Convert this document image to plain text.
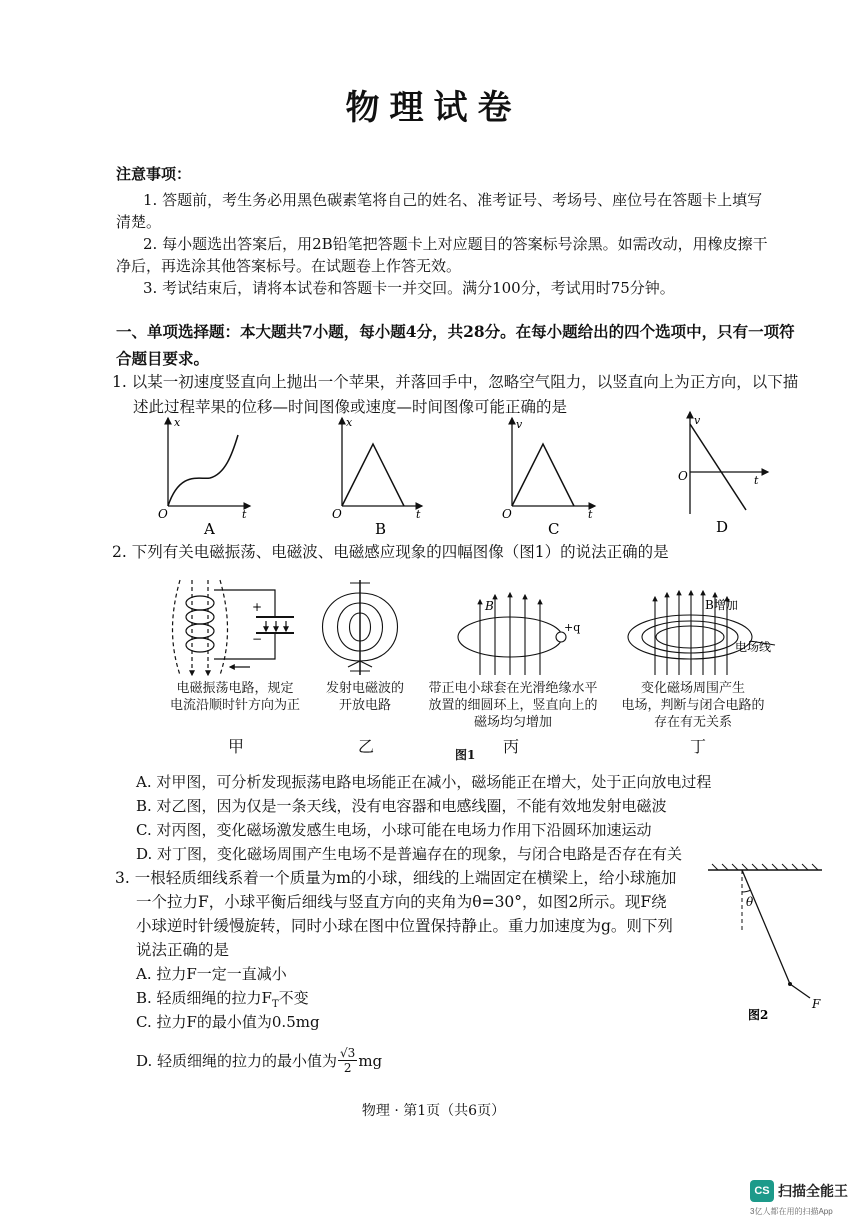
物理试卷
注意事项：
1. 答题前，考生务必用黑色碳素笔将自己的姓名、准考证号、考场号、座位号在答题卡上填写
清楚。
2. 每小题选出答案后，用2B铅笔把答题卡上对应题目的答案标号涂黑。如需改动，用橡皮擦干
净后，再选涂其他答案标号。在试题卷上作答无效。
3. 考试结束后，请将本试卷和答题卡一并交回。满分100分，考试用时75分钟。
一、单项选择题：本大题共7小题，每小题4分，共28分。在每小题给出的四个选项中，只有一项符
合题目要求。
1. 以某一初速度竖直向上抛出一个苹果，并落回手中，忽略空气阻力，以竖直向上为正方向，以下描
述此过程苹果的位移—时间图像或速度—时间图像可能正确的是
x
t
O
A
x
t
O
B
v
t
O
C
v
t
O
D
2. 下列有关电磁振荡、电磁波、电磁感应现象的四幅图像（图1）的说法正确的是
+
−
B
+q
B增加
电场线
电磁振荡电路，规定
电流沿顺时针方向为正
发射电磁波的
开放电路
带正电小球套在光滑绝缘水平
放置的细圆环上，竖直向上的
磁场均匀增加
变化磁场周围产生
电场，判断与闭合电路的
存在有无关系
甲	乙	图1 丙	丁
A. 对甲图，可分析发现振荡电路电场能正在减小，磁场能正在增大，处于正向放电过程
B. 对乙图，因为仅是一条天线，没有电容器和电感线圈，不能有效地发射电磁波
C. 对丙图，变化磁场激发感生电场，小球可能在电场力作用下沿圆环加速运动
D. 对丁图，变化磁场周围产生电场不是普遍存在的现象，与闭合电路是否存在有关
3. 一根轻质细线系着一个质量为m的小球，细线的上端固定在横梁上，给小球施加
一个拉力F，小球平衡后细线与竖直方向的夹角为θ=30°，如图2所示。现F绕
小球逆时针缓慢旋转，同时小球在图中位置保持静止。重力加速度为g。则下列
说法正确的是
A. 拉力F一定一直减小
B. 轻质细绳的拉力$F_T$不变
C. 拉力F的最小值为0.5mg
D. 轻质细绳的拉力的最小值为 $\frac{√3}{2}$ mg
θ
F
图2
物理 · 第1页（共6页）
CS 扫描全能王
3亿人都在用的扫描App
